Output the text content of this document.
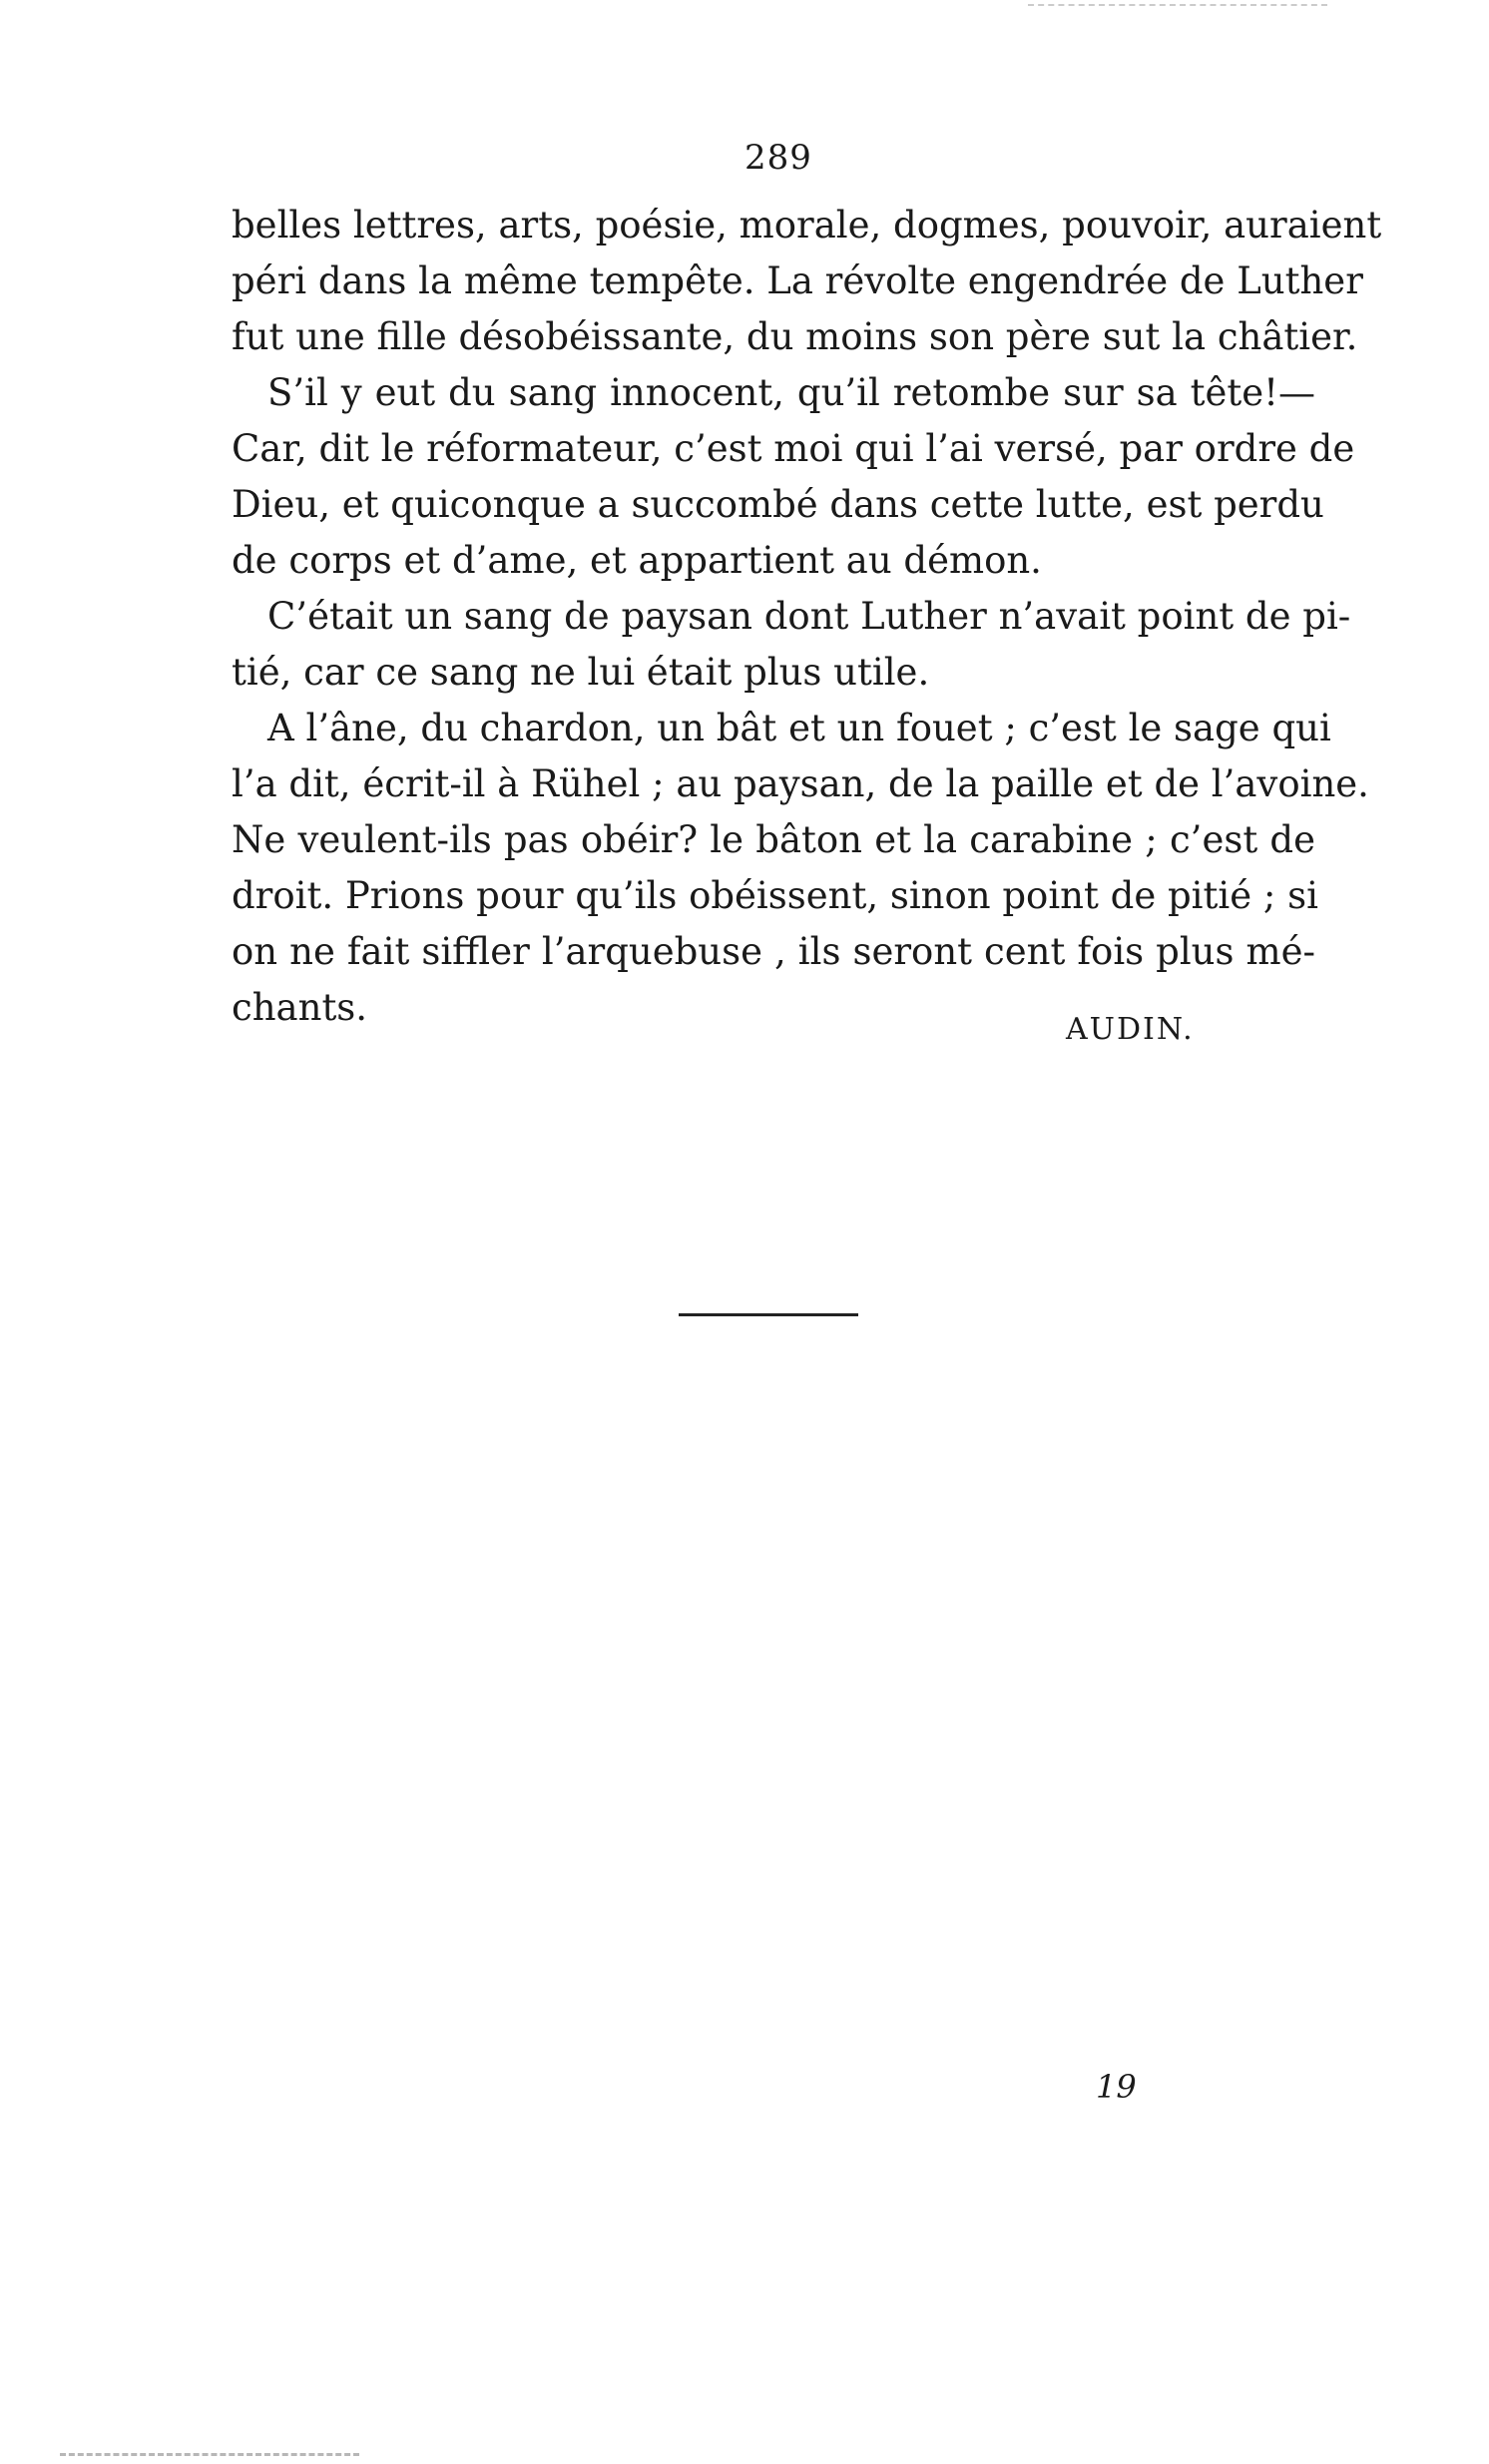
289
belles lettres, arts, poésie, morale, dogmes, pouvoir, auraient
péri dans la même tempête. La révolte engendrée de Luther
fut une fille désobéissante, du moins son père sut la châtier.
S’il y eut du sang innocent, qu’il retombe sur sa tête!—
Car, dit le réformateur, c’est moi qui l’ai versé, par ordre de
Dieu, et quiconque a succombé dans cette lutte, est perdu
de corps et d’ame, et appartient au démon.
C’était un sang de paysan dont Luther n’avait point de pi-
tié, car ce sang ne lui était plus utile.
A l’âne, du chardon, un bât et un fouet ; c’est le sage qui
l’a dit, écrit-il à Rühel ; au paysan, de la paille et de l’avoine.
Ne veulent-ils pas obéir? le bâton et la carabine ; c’est de
droit. Prions pour qu’ils obéissent, sinon point de pitié ; si
on ne fait siffler l’arquebuse , ils seront cent fois plus mé-
chants.
AUDIN.
19
